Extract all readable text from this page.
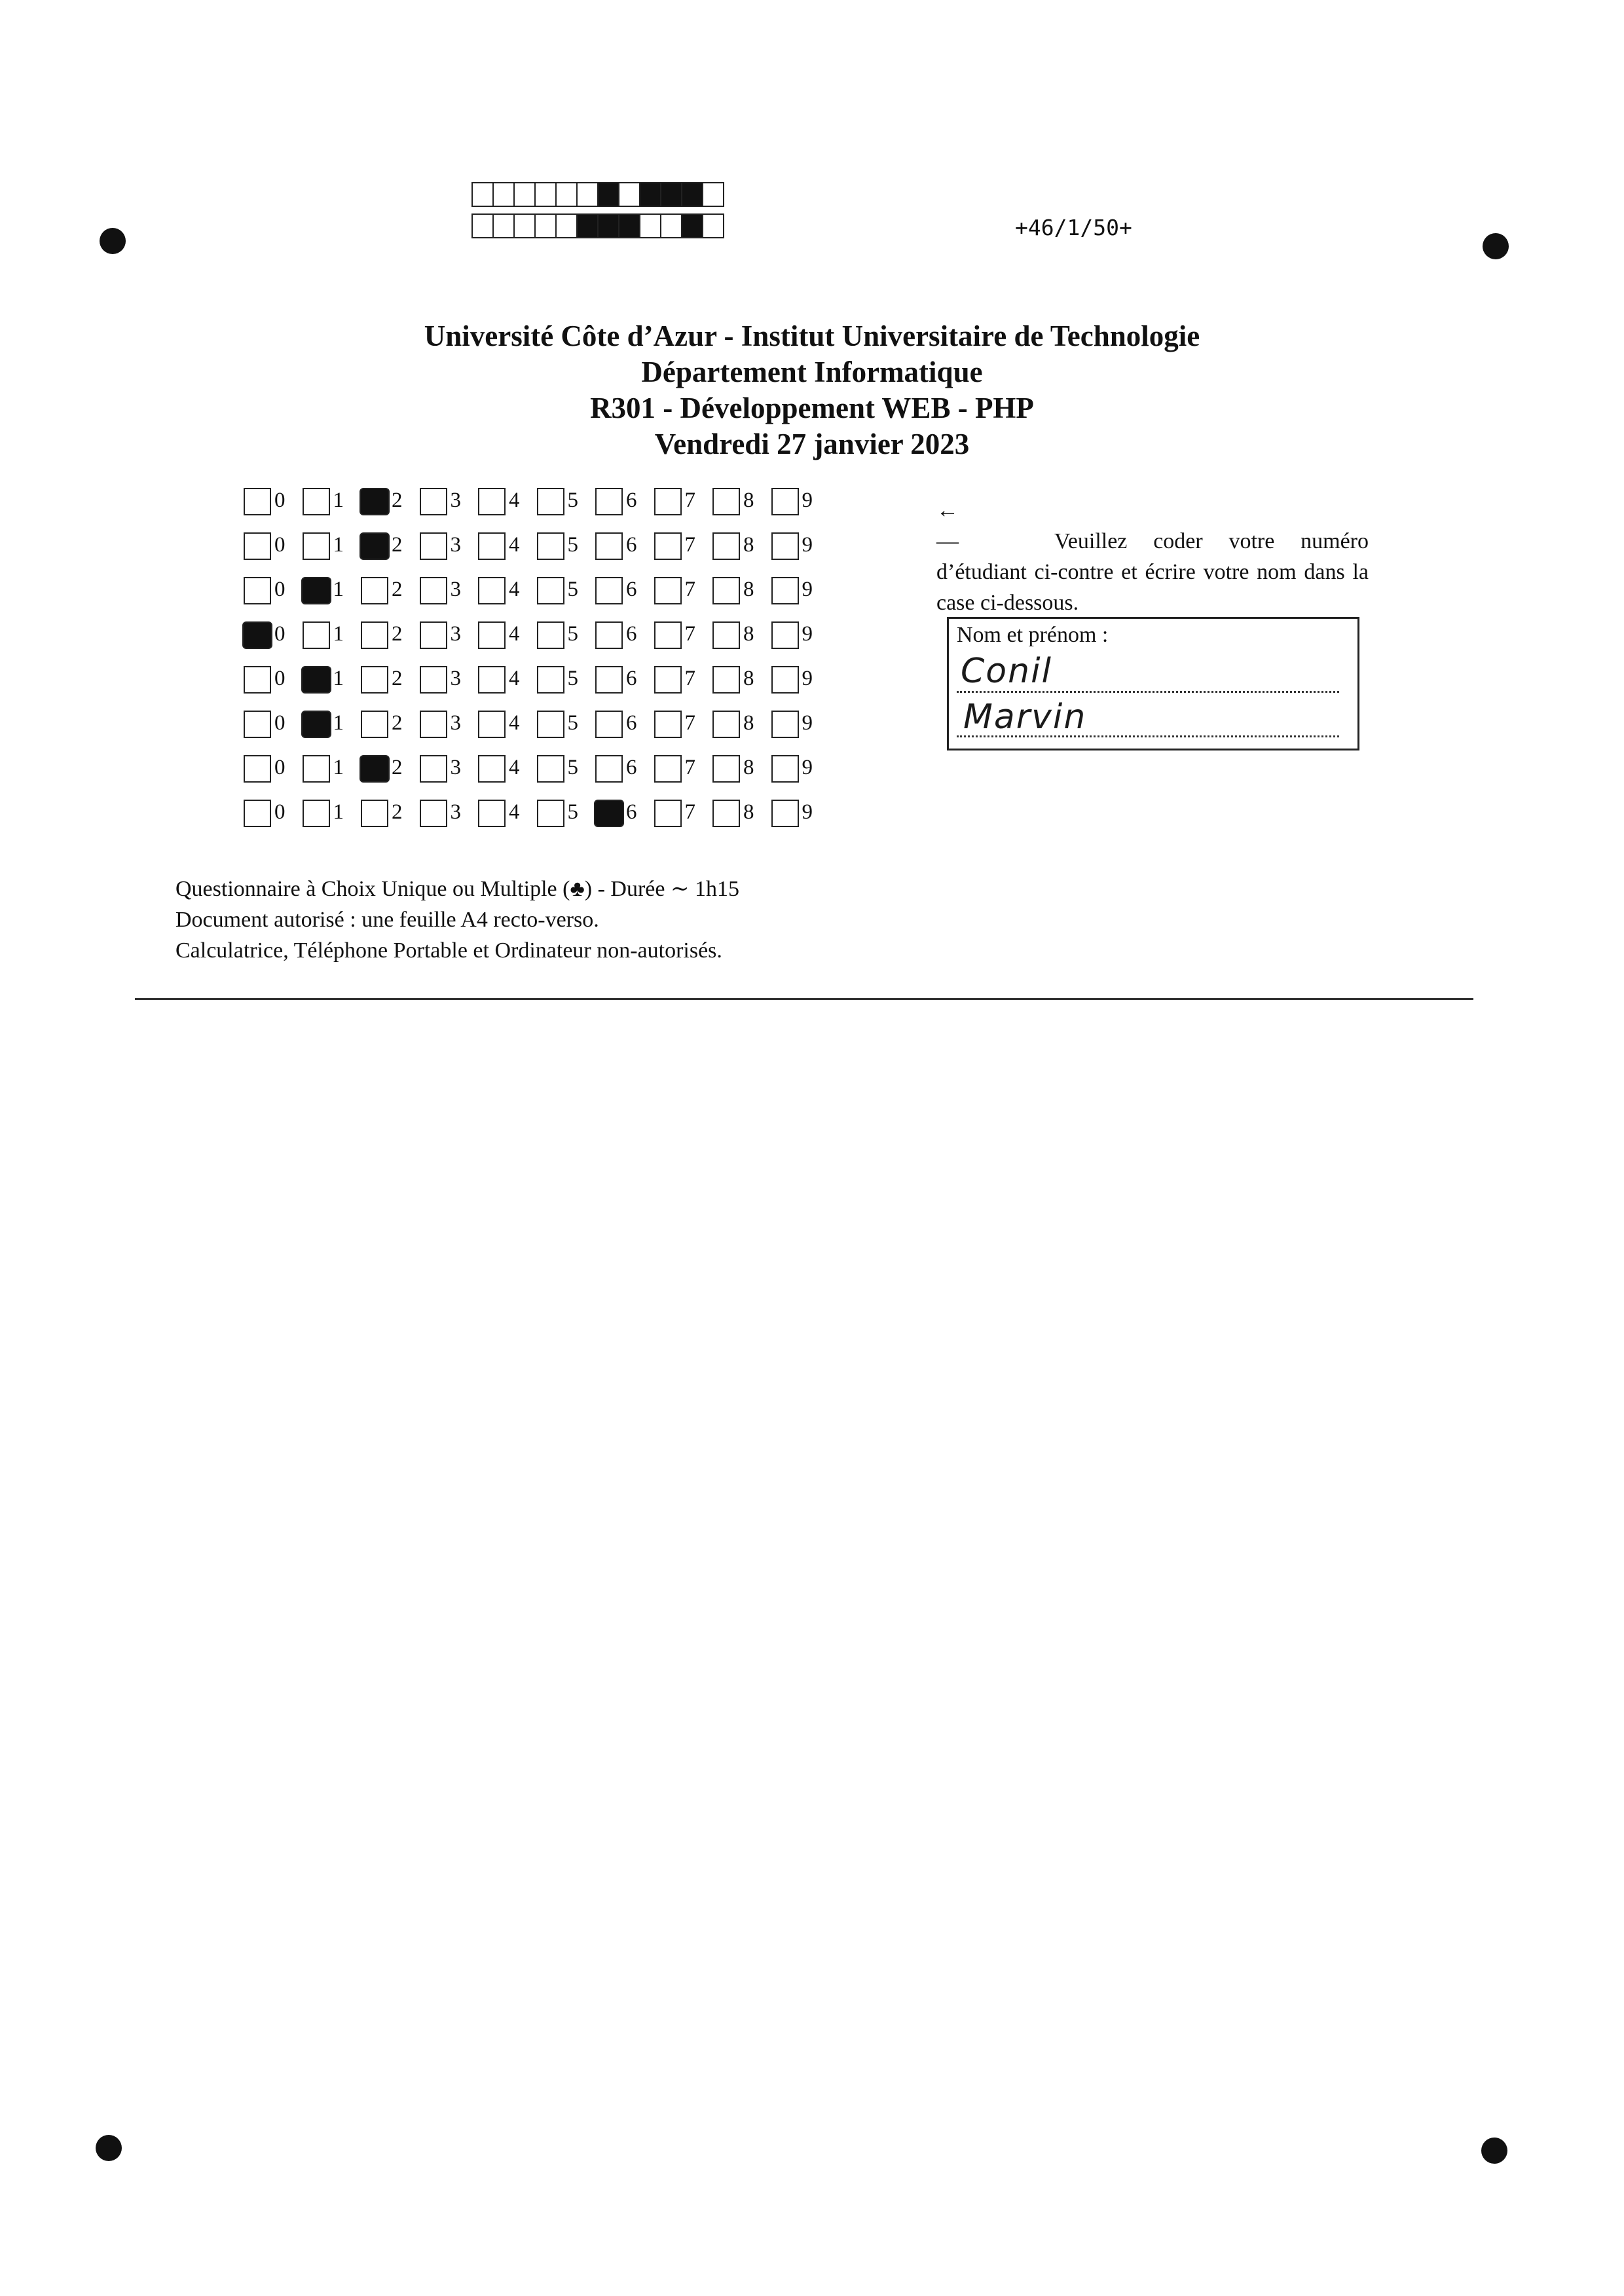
+46/1/50+
Université Côte d’Azur - Institut Universitaire de Technologie
Département Informatique
R301 - Développement WEB - PHP
Vendredi 27 janvier 2023
0 1 2 3 4 5 6 7 8 9
0 1 2 3 4 5 6 7 8 9
0 1 2 3 4 5 6 7 8 9
0 1 2 3 4 5 6 7 8 9
0 1 2 3 4 5 6 7 8 9
0 1 2 3 4 5 6 7 8 9
0 1 2 3 4 5 6 7 8 9
0 1 2 3 4 5 6 7 8 9
←—	Veuillez coder votre numéro d’étudiant ci-contre et écrire votre nom dans la case ci-dessous.
Nom et prénom :
Conil
Marvin
Questionnaire à Choix Unique ou Multiple (♣) - Durée ∼ 1h15
Document autorisé : une feuille A4 recto-verso.
Calculatrice, Téléphone Portable et Ordinateur non-autorisés.
